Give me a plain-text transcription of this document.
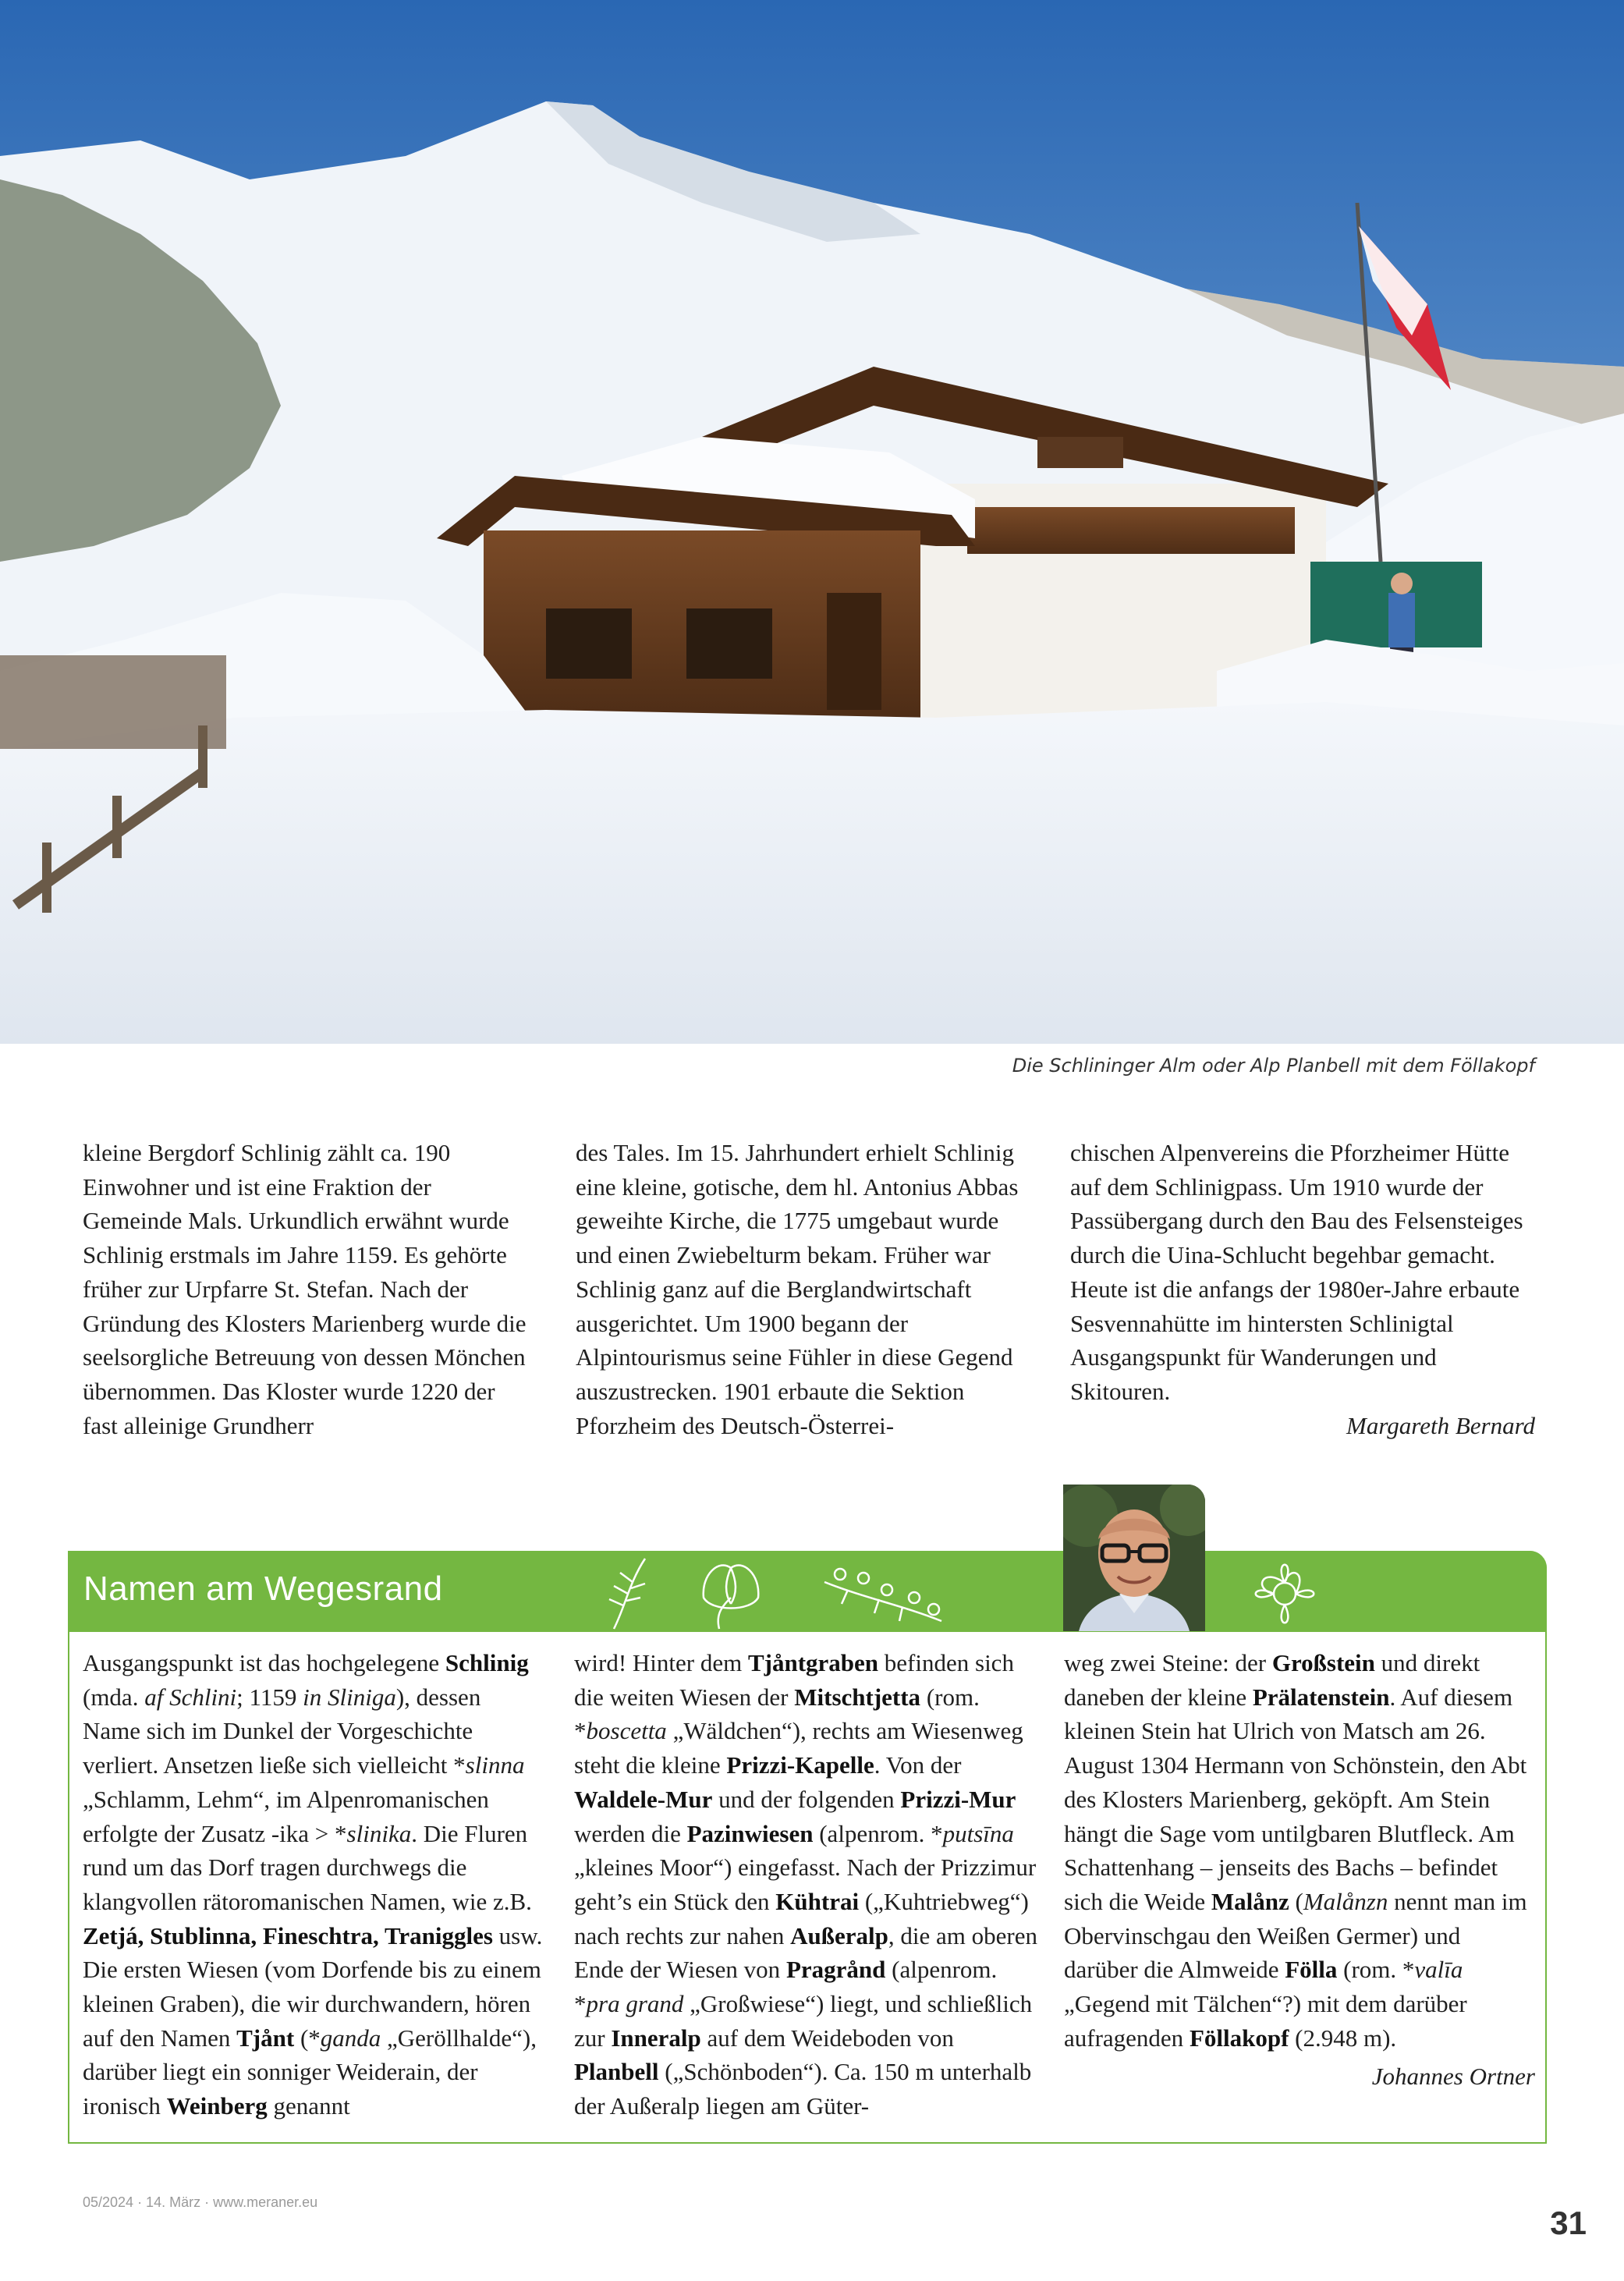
Die Schlininger Alm oder Alp Planbell mit dem Föllakopf

kleine Bergdorf Schlinig zählt ca. 190 Einwohner und ist eine Fraktion der Gemeinde Mals. Urkundlich erwähnt wurde Schlinig erstmals im Jahre 1159. Es gehörte früher zur Urpfarre St. Stefan. Nach der Gründung des Klosters Marienberg wurde die seelsorgliche Betreuung von dessen Mönchen übernommen. Das Kloster wurde 1220 der fast alleinige Grundherr

des Tales. Im 15. Jahrhundert erhielt Schlinig eine kleine, gotische, dem hl. Antonius Abbas geweihte Kirche, die 1775 umgebaut wurde und einen Zwiebelturm bekam. Früher war Schlinig ganz auf die Berglandwirtschaft ausgerichtet. Um 1900 begann der Alpintourismus seine Fühler in diese Gegend auszustrecken. 1901 erbaute die Sektion Pforzheim des Deutsch-Österrei-

chischen Alpenvereins die Pforzheimer Hütte auf dem Schlinigpass. Um 1910 wurde der Passübergang durch den Bau des Felsensteiges durch die Uina-Schlucht begehbar gemacht. Heute ist die anfangs der 1980er-Jahre erbaute Sesvennahütte im hintersten Schlinigtal Ausgangspunkt für Wanderungen und Skitouren.

Margareth Bernard

Namen am Wegesrand

Ausgangspunkt ist das hochgelegene Schlinig (mda. af Schlini; 1159 in Sliniga), dessen Name sich im Dunkel der Vorgeschichte verliert. Ansetzen ließe sich vielleicht *slinna „Schlamm, Lehm“, im Alpenromanischen erfolgte der Zusatz -ika > *slinika. Die Fluren rund um das Dorf tragen durchwegs die klangvollen rätoromanischen Namen, wie z.B. Zetjá, Stublinna, Fineschtra, Traniggles usw. Die ersten Wiesen (vom Dorfende bis zu einem kleinen Graben), die wir durchwandern, hören auf den Namen Tjånt (*ganda „Geröllhalde“), darüber liegt ein sonniger Weiderain, der ironisch Weinberg genannt

wird! Hinter dem Tjåntgraben befinden sich die weiten Wiesen der Mitschtjetta (rom. *boscetta „Wäldchen“), rechts am Wiesenweg steht die kleine Prizzi-Kapelle. Von der Waldele-Mur und der folgenden Prizzi-Mur werden die Pazinwiesen (alpenrom. *putsīna „kleines Moor“) eingefasst. Nach der Prizzimur geht’s ein Stück den Kühtrai („Kuhtriebweg“) nach rechts zur nahen Außeralp, die am oberen Ende der Wiesen von Pragrånd (alpenrom. *pra grand „Großwiese“) liegt, und schließlich zur Inneralp auf dem Weideboden von Planbell („Schönboden“). Ca. 150 m unterhalb der Außeralp liegen am Güter-

weg zwei Steine: der Großstein und direkt daneben der kleine Prälatenstein. Auf diesem kleinen Stein hat Ulrich von Matsch am 26. August 1304 Hermann von Schönstein, den Abt des Klosters Marienberg, geköpft. Am Stein hängt die Sage vom untilgbaren Blutfleck. Am Schattenhang – jenseits des Bachs – befindet sich die Weide Malånz (Malånzn nennt man im Obervinschgau den Weißen Germer) und darüber die Almweide Fölla (rom. *valīa „Gegend mit Tälchen“?) mit dem darüber aufragenden Föllakopf (2.948 m).

Johannes Ortner

05/2024 · 14. März · www.meraner.eu
31
